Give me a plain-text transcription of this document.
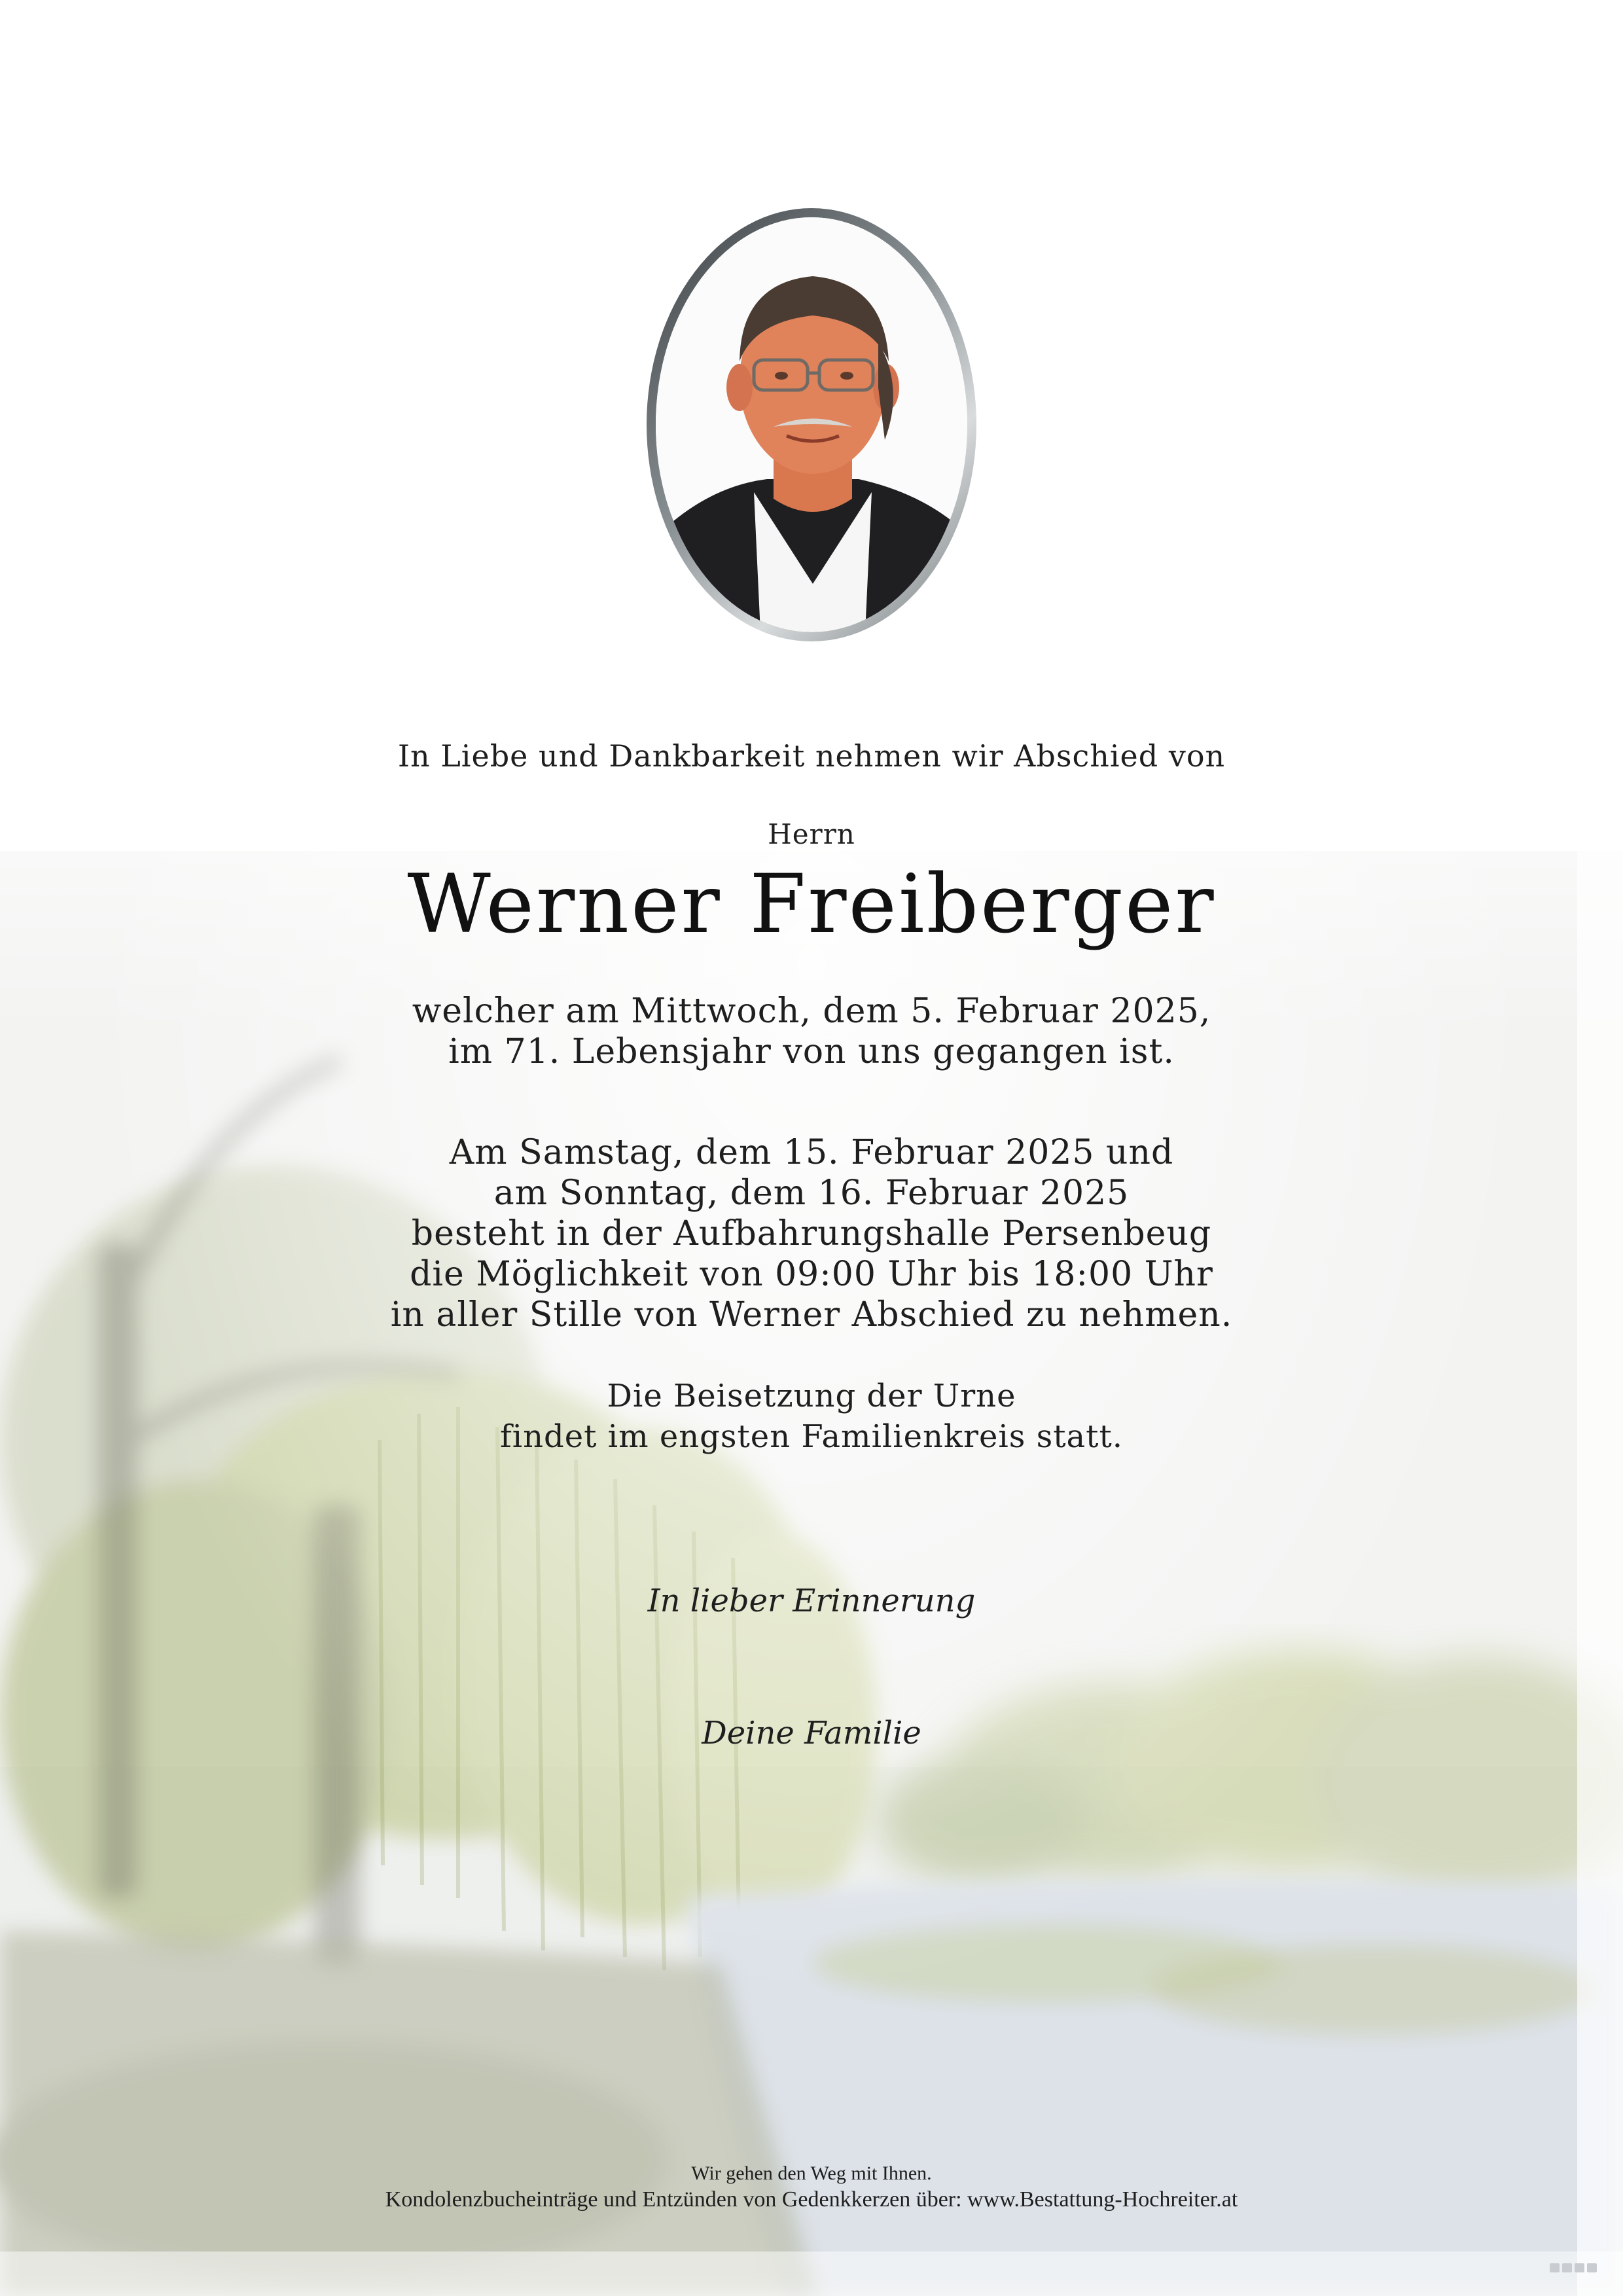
In Liebe und Dankbarkeit nehmen wir Abschied von
Herrn
Werner Freiberger
welcher am Mittwoch, dem 5. Februar 2025,
im 71. Lebensjahr von uns gegangen ist.
Am Samstag, dem 15. Februar 2025 und
am Sonntag, dem 16. Februar 2025
besteht in der Aufbahrungshalle Persenbeug
die Möglichkeit von 09:00 Uhr bis 18:00 Uhr
in aller Stille von Werner Abschied zu nehmen.
Die Beisetzung der Urne
findet im engsten Familienkreis statt.
In lieber Erinnerung
Deine Familie
Wir gehen den Weg mit Ihnen.
Kondolenzbucheinträge und Entzünden von Gedenkkerzen über: www.Bestattung-Hochreiter.at
